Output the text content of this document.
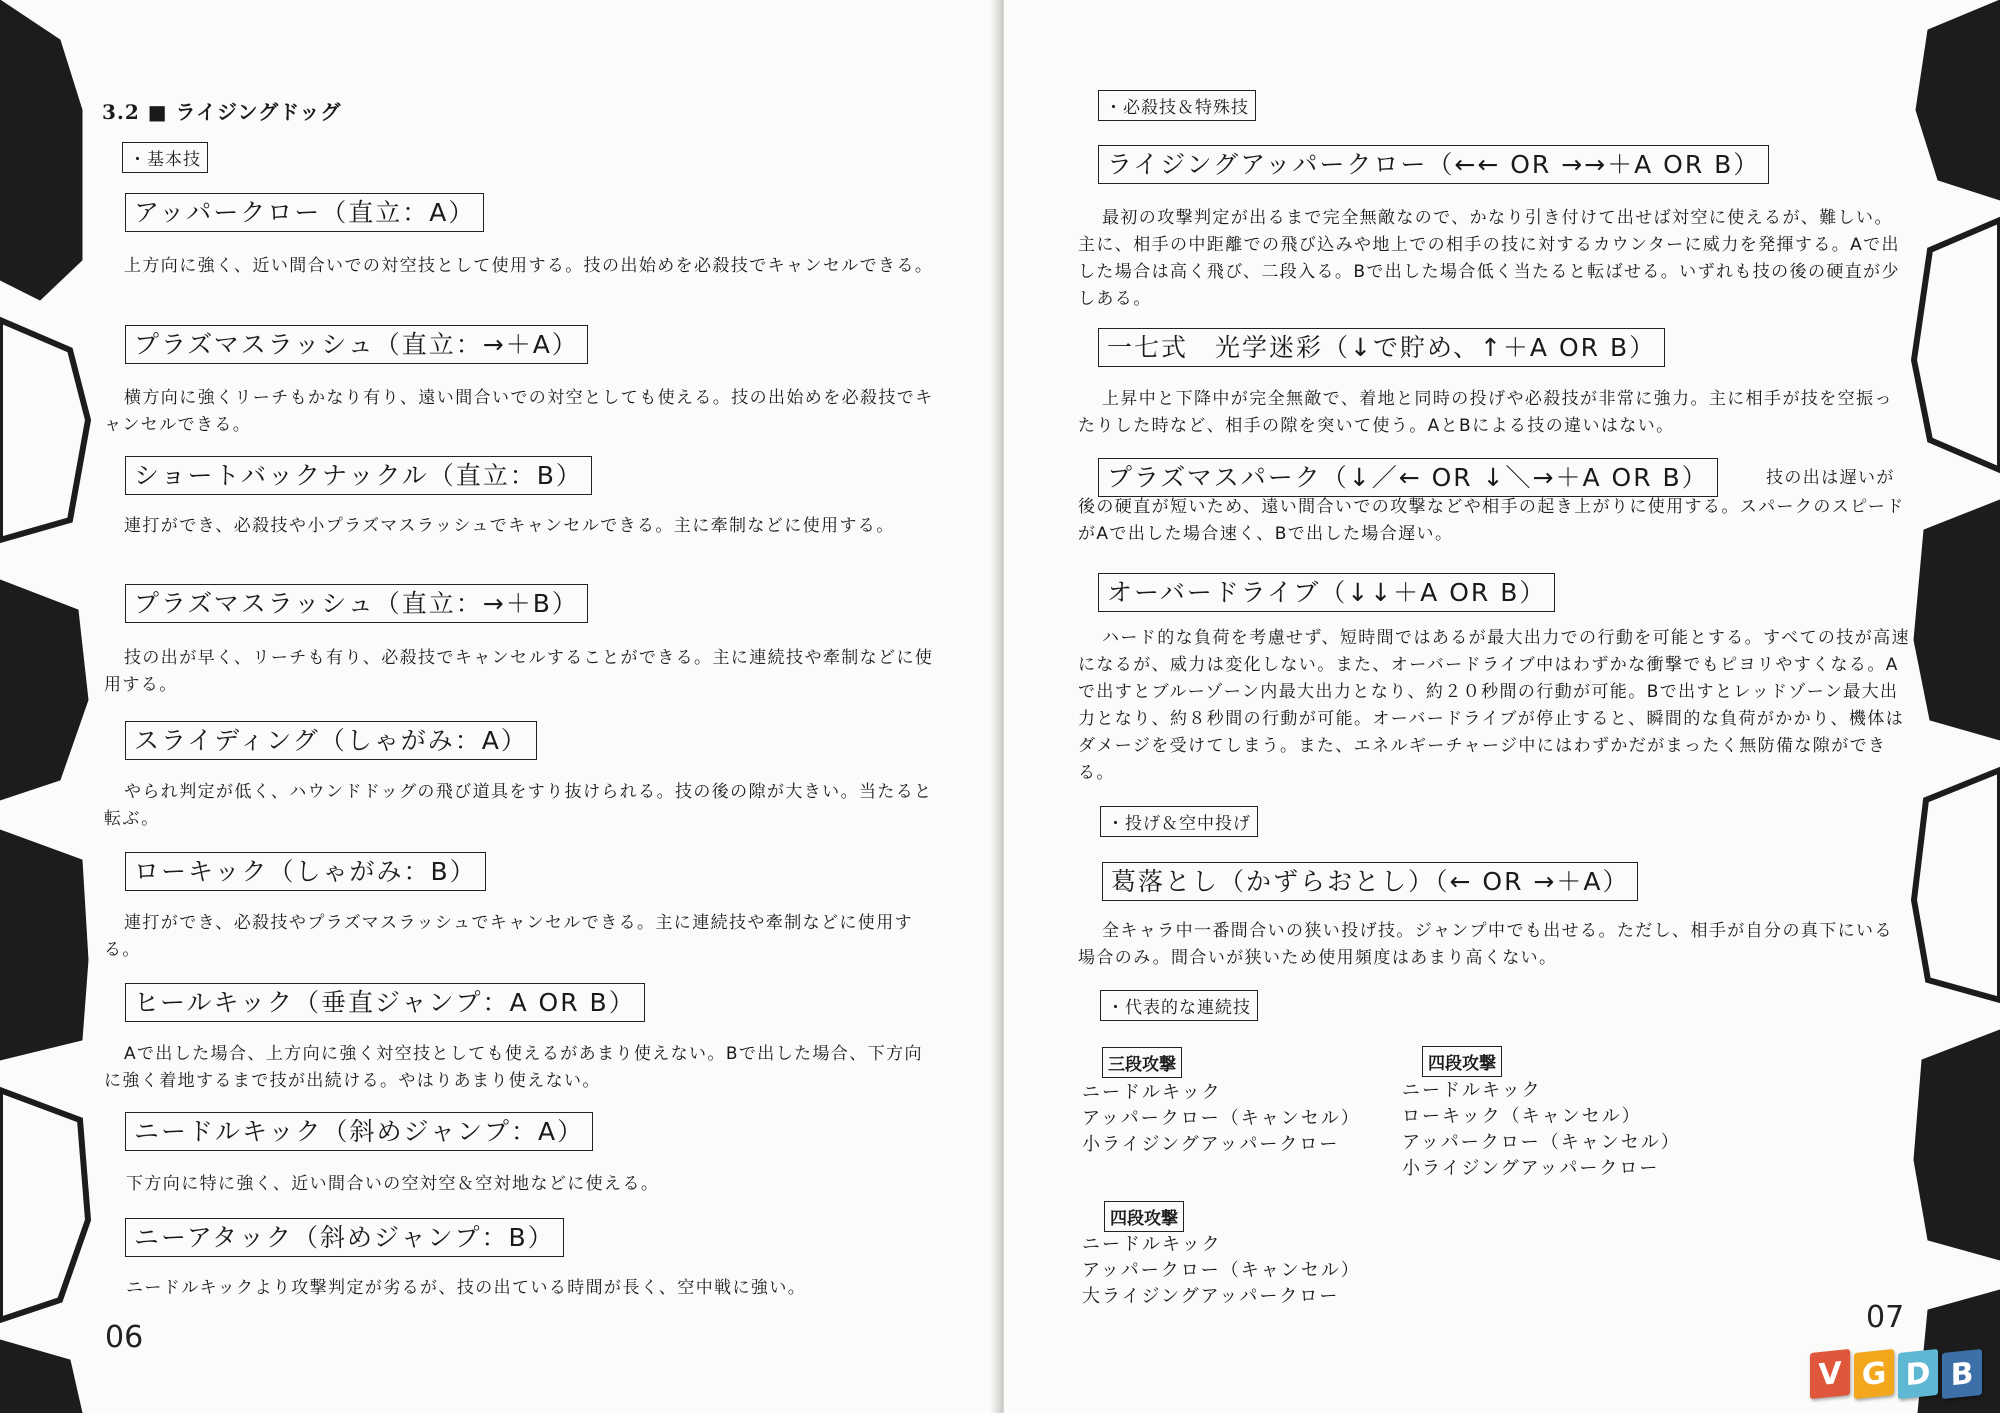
3.2 ■ ライジングドッグ
・基本技
アッパークロー（直立：A）
上方向に強く、近い間合いでの対空技として使用する。技の出始めを必殺技でキャンセルできる。
プラズマスラッシュ（直立：→＋A）
横方向に強くリーチもかなり有り、遠い間合いでの対空としても使える。技の出始めを必殺技でキャンセルできる。
ショートバックナックル（直立：B）
連打ができ、必殺技や小プラズマスラッシュでキャンセルできる。主に牽制などに使用する。
プラズマスラッシュ（直立：→＋B）
技の出が早く、リーチも有り、必殺技でキャンセルすることができる。主に連続技や牽制などに使用する。
スライディング（しゃがみ：A）
やられ判定が低く、ハウンドドッグの飛び道具をすり抜けられる。技の後の隙が大きい。当たると転ぶ。
ローキック（しゃがみ：B）
連打ができ、必殺技やプラズマスラッシュでキャンセルできる。主に連続技や牽制などに使用する。
ヒールキック（垂直ジャンプ：A OR B）
Aで出した場合、上方向に強く対空技としても使えるがあまり使えない。Bで出した場合、下方向に強く着地するまで技が出続ける。やはりあまり使えない。
ニードルキック（斜めジャンプ：A）
下方向に特に強く、近い間合いの空対空＆空対地などに使える。
ニーアタック（斜めジャンプ：B）
ニードルキックより攻撃判定が劣るが、技の出ている時間が長く、空中戦に強い。
06
・必殺技＆特殊技
ライジングアッパークロー（←← OR →→＋A OR B）
最初の攻撃判定が出るまで完全無敵なので、かなり引き付けて出せば対空に使えるが、難しい。主に、相手の中距離での飛び込みや地上での相手の技に対するカウンターに威力を発揮する。Aで出した場合は高く飛び、二段入る。Bで出した場合低く当たると転ばせる。いずれも技の後の硬直が少しある。
一七式　光学迷彩（↓で貯め、↑＋A OR B）
上昇中と下降中が完全無敵で、着地と同時の投げや必殺技が非常に強力。主に相手が技を空振ったりした時など、相手の隙を突いて使う。AとBによる技の違いはない。
プラズマスパーク（↓／← OR ↓＼→＋A OR B）	技の出は遅いが
後の硬直が短いため、遠い間合いでの攻撃などや相手の起き上がりに使用する。スパークのスピードがAで出した場合速く、Bで出した場合遅い。
オーバードライブ（↓↓＋A OR B）
ハード的な負荷を考慮せず、短時間ではあるが最大出力での行動を可能とする。すべての技が高速になるが、威力は変化しない。また、オーバードライブ中はわずかな衝撃でもピヨリやすくなる。Aで出すとブルーゾーン内最大出力となり、約２０秒間の行動が可能。Bで出すとレッドゾーン最大出力となり、約８秒間の行動が可能。オーバードライブが停止すると、瞬間的な負荷がかかり、機体はダメージを受けてしまう。また、エネルギーチャージ中にはわずかだがまったく無防備な隙ができる。
・投げ＆空中投げ
葛落とし（かずらおとし）（← OR →＋A）
全キャラ中一番間合いの狭い投げ技。ジャンプ中でも出せる。ただし、相手が自分の真下にいる場合のみ。間合いが狭いため使用頻度はあまり高くない。
・代表的な連続技
三段攻撃
ニードルキック
アッパークロー（キャンセル）
小ライジングアッパークロー
四段攻撃
ニードルキック
ローキック（キャンセル）
アッパークロー（キャンセル）
小ライジングアッパークロー
四段攻撃
ニードルキック
アッパークロー（キャンセル）
大ライジングアッパークロー
07
V G D B
